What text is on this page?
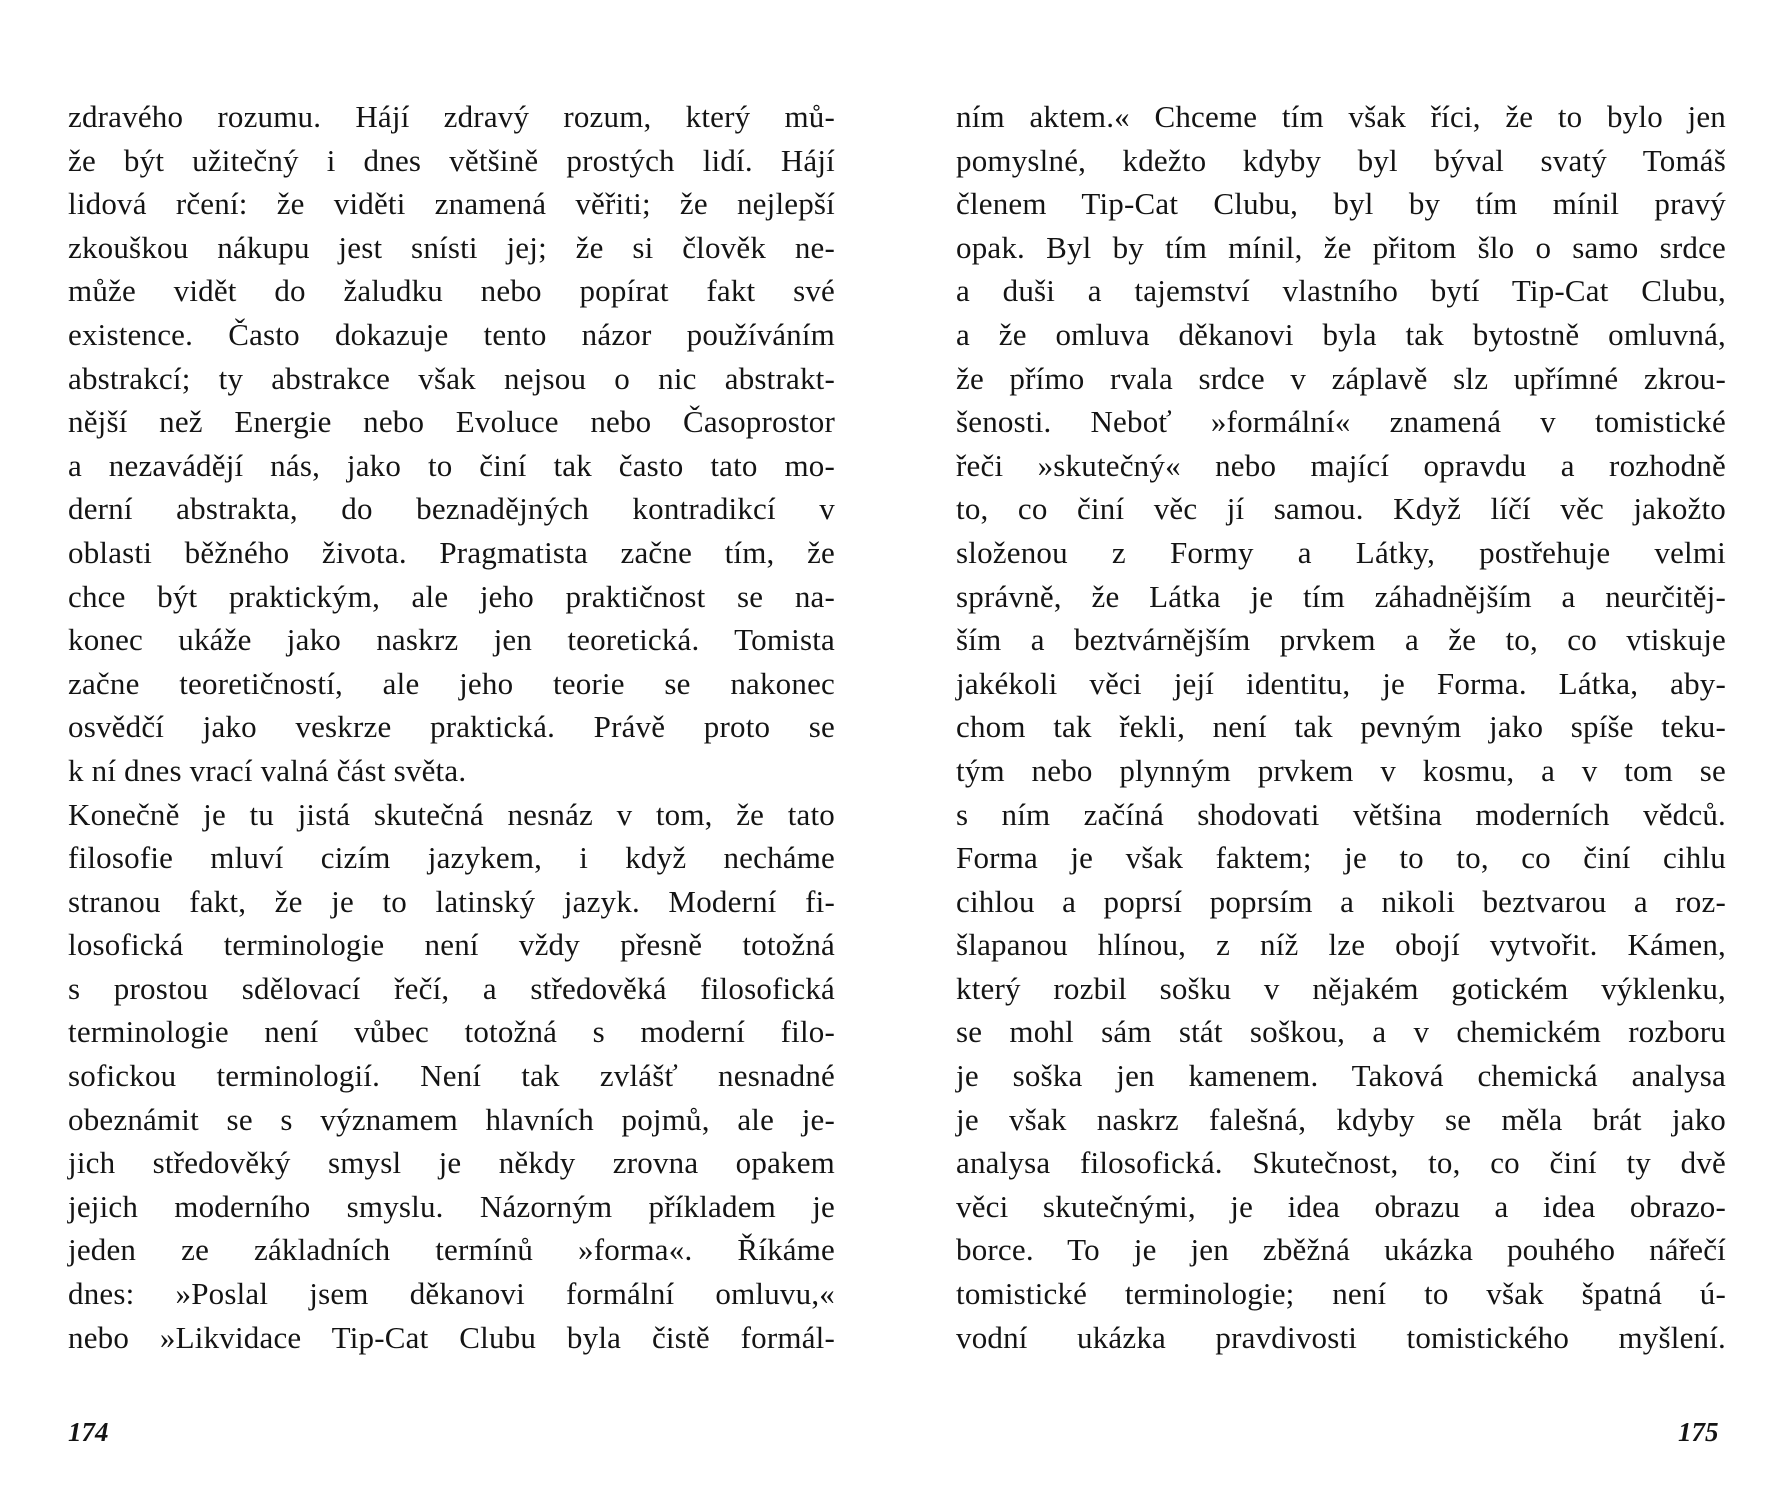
zdravého rozumu. Hájí zdravý rozum, který mů-
že být užitečný i dnes většině prostých lidí. Hájí
lidová rčení: že viděti znamená věřiti; že nejlepší
zkouškou nákupu jest snísti jej; že si člověk ne-
může vidět do žaludku nebo popírat fakt své
existence. Často dokazuje tento názor používáním
abstrakcí; ty abstrakce však nejsou o nic abstrakt-
nější než Energie nebo Evoluce nebo Časoprostor
a nezavádějí nás, jako to činí tak často tato mo-
derní abstrakta, do beznadějných kontradikcí v
oblasti běžného života. Pragmatista začne tím, že
chce být praktickým, ale jeho praktičnost se na-
konec ukáže jako naskrz jen teoretická. Tomista
začne teoretičností, ale jeho teorie se nakonec
osvědčí jako veskrze praktická. Právě proto se
k ní dnes vrací valná část světa.
Konečně je tu jistá skutečná nesnáz v tom, že tato
filosofie mluví cizím jazykem, i když necháme
stranou fakt, že je to latinský jazyk. Moderní fi-
losofická terminologie není vždy přesně totožná
s prostou sdělovací řečí, a středověká filosofická
terminologie není vůbec totožná s moderní filo-
sofickou terminologií. Není tak zvlášť nesnadné
obeznámit se s významem hlavních pojmů, ale je-
jich středověký smysl je někdy zrovna opakem
jejich moderního smyslu. Názorným příkladem je
jeden ze základních termínů »forma«. Říkáme
dnes: »Poslal jsem děkanovi formální omluvu,«
nebo »Likvidace Tip-Cat Clubu byla čistě formál-
174
ním aktem.« Chceme tím však říci, že to bylo jen
pomyslné, kdežto kdyby byl býval svatý Tomáš
členem Tip-Cat Clubu, byl by tím mínil pravý
opak. Byl by tím mínil, že přitom šlo o samo srdce
a duši a tajemství vlastního bytí Tip-Cat Clubu,
a že omluva děkanovi byla tak bytostně omluvná,
že přímo rvala srdce v záplavě slz upřímné zkrou-
šenosti. Neboť »formální« znamená v tomistické
řeči »skutečný« nebo mající opravdu a rozhodně
to, co činí věc jí samou. Když líčí věc jakožto
složenou z Formy a Látky, postřehuje velmi
správně, že Látka je tím záhadnějším a neurčitěj-
ším a beztvárnějším prvkem a že to, co vtiskuje
jakékoli věci její identitu, je Forma. Látka, aby-
chom tak řekli, není tak pevným jako spíše teku-
tým nebo plynným prvkem v kosmu, a v tom se
s ním začíná shodovati většina moderních vědců.
Forma je však faktem; je to to, co činí cihlu
cihlou a poprsí poprsím a nikoli beztvarou a roz-
šlapanou hlínou, z níž lze obojí vytvořit. Kámen,
který rozbil sošku v nějakém gotickém výklenku,
se mohl sám stát soškou, a v chemickém rozboru
je soška jen kamenem. Taková chemická analysa
je však naskrz falešná, kdyby se měla brát jako
analysa filosofická. Skutečnost, to, co činí ty dvě
věci skutečnými, je idea obrazu a idea obrazo-
borce. To je jen zběžná ukázka pouhého nářečí
tomistické terminologie; není to však špatná ú-
vodní ukázka pravdivosti tomistického myšlení.
175
